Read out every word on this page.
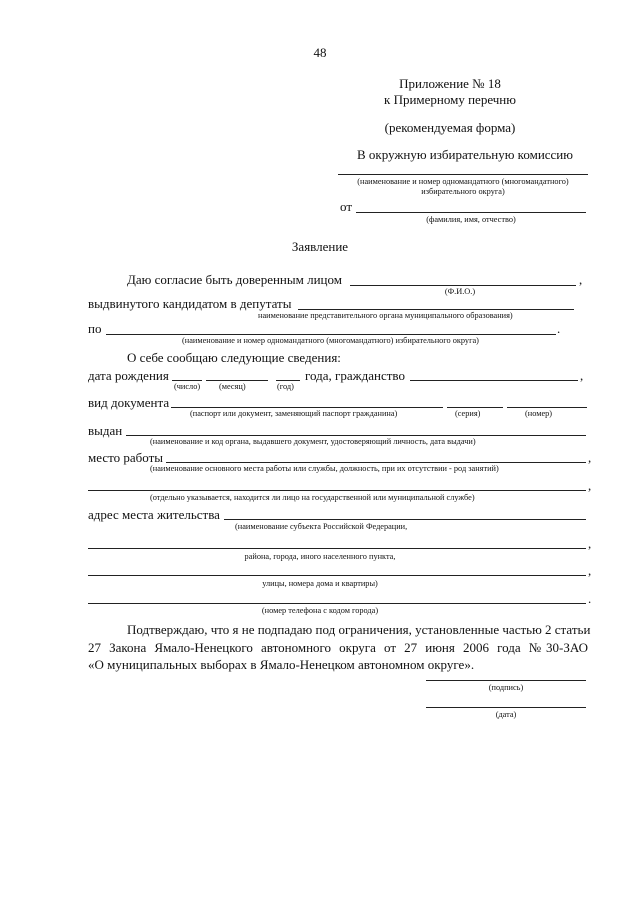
48
Приложение № 18
к Примерному перечню
(рекомендуемая форма)
В окружную избирательную комиссию
(наименование и номер одномандатного (многомандатного)
избирательного округа)
от
(фамилия, имя, отчество)
Заявление
Даю согласие быть доверенным лицом	,
(Ф.И.О.)
выдвинутого кандидатом в депутаты
наименование представительного органа муниципального образования)
по	.
(наименование и номер одномандатного (многомандатного) избирательного округа)
О себе сообщаю следующие сведения:
дата рождения	года, гражданство	,
(число) (месяц)	(год)
вид документа
(паспорт или документ, заменяющий паспорт гражданина)	(серия)	(номер)
выдан
(наименование и код органа, выдавшего документ, удостоверяющий личность, дата выдачи)
место работы	,
(наименование основного места работы или службы, должность, при их отсутствии - род занятий)
,
(отдельно указывается, находится ли лицо на государственной или муниципальной службе)
адрес места жительства
(наименование субъекта Российской Федерации,
,
района, города, иного населенного пункта,
,
улицы, номера дома и квартиры)
.
(номер телефона с кодом города)
Подтверждаю, что я не подпадаю под ограничения, установленные частью 2 статьи
27 Закона Ямало-Ненецкого автономного округа от 27 июня 2006 года №30-ЗАО
«О муниципальных выборах в Ямало-Ненецком автономном округе».
(подпись)
(дата)
